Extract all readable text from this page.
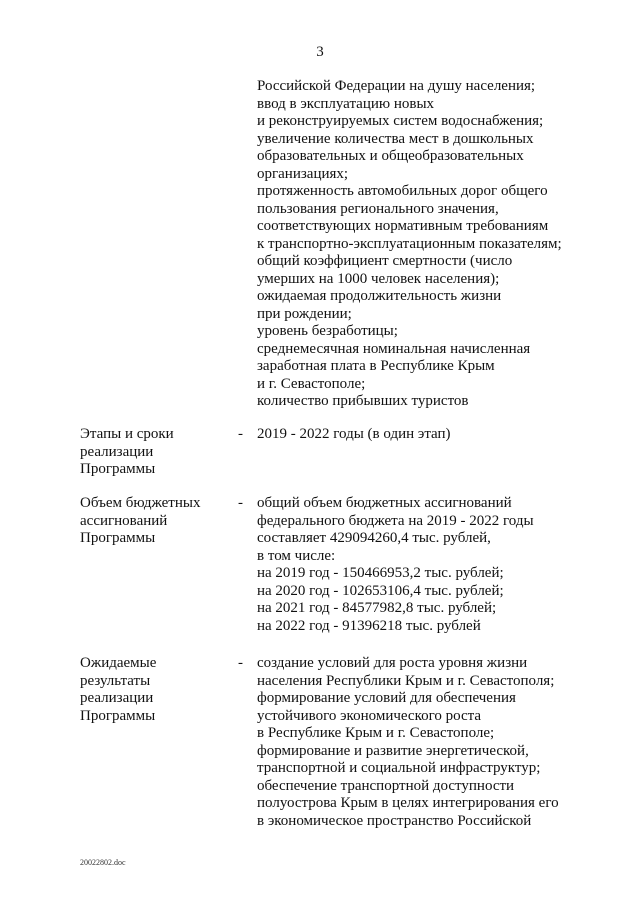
3
Российской Федерации на душу населения;
ввод в эксплуатацию новых
и реконструируемых систем водоснабжения;
увеличение количества мест в дошкольных
образовательных и общеобразовательных
организациях;
протяженность автомобильных дорог общего
пользования регионального значения,
соответствующих нормативным требованиям
к транспортно-эксплуатационным показателям;
общий коэффициент смертности (число
умерших на 1000 человек населения);
ожидаемая продолжительность жизни
при рождении;
уровень безработицы;
среднемесячная номинальная начисленная
заработная плата в Республике Крым
и г. Севастополе;
количество прибывших туристов
Этапы и сроки
реализации
Программы
- 2019 - 2022 годы (в один этап)
Объем бюджетных
ассигнований
Программы
- общий объем бюджетных ассигнований
федерального бюджета на 2019 - 2022 годы
составляет 429094260,4 тыс. рублей,
в том числе:
на 2019 год - 150466953,2 тыс. рублей;
на 2020 год - 102653106,4 тыс. рублей;
на 2021 год - 84577982,8 тыс. рублей;
на 2022 год - 91396218 тыс. рублей
Ожидаемые
результаты
реализации
Программы
- создание условий для роста уровня жизни
населения Республики Крым и г. Севастополя;
формирование условий для обеспечения
устойчивого экономического роста
в Республике Крым и г. Севастополе;
формирование и развитие энергетической,
транспортной и социальной инфраструктур;
обеспечение транспортной доступности
полуострова Крым в целях интегрирования его
в экономическое пространство Российской
20022802.doc
